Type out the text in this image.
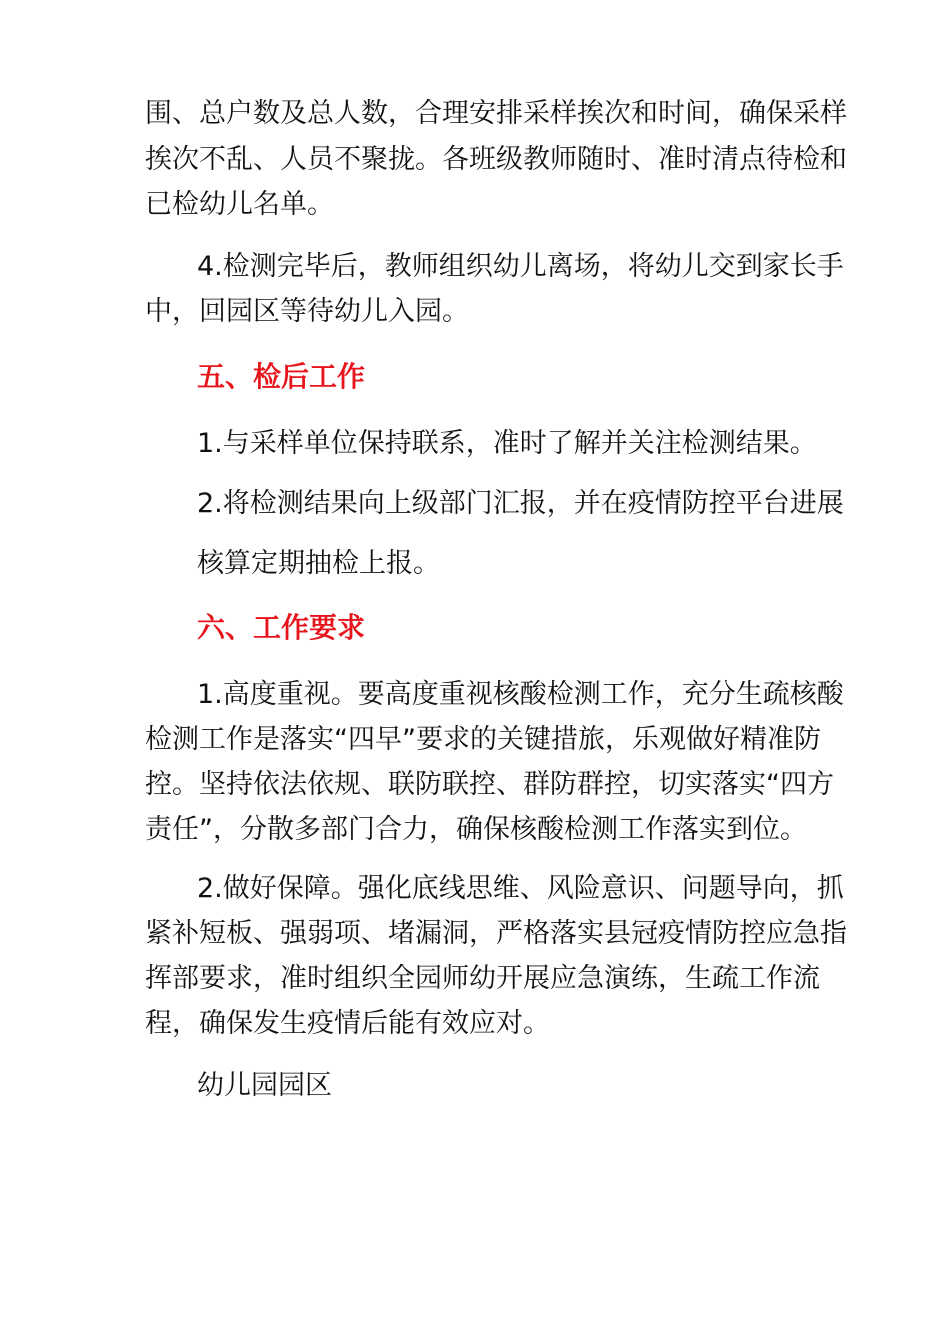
围、总户数及总人数，合理安排采样挨次和时间，确保采样
挨次不乱、人员不聚拢。各班级教师随时、准时清点待检和
已检幼儿名单。
4.检测完毕后，教师组织幼儿离场，将幼儿交到家长手
中，回园区等待幼儿入园。
五、检后工作
1.与采样单位保持联系，准时了解并关注检测结果。
2.将检测结果向上级部门汇报，并在疫情防控平台进展
核算定期抽检上报。
六、工作要求
1.高度重视。要高度重视核酸检测工作，充分生疏核酸
检测工作是落实“四早”要求的关键措旅，乐观做好精准防
控。坚持依法依规、联防联控、群防群控，切实落实“四方
责任”，分散多部门合力，确保核酸检测工作落实到位。
2.做好保障。强化底线思维、风险意识、问题导向，抓
紧补短板、强弱项、堵漏洞，严格落实县冠疫情防控应急指
挥部要求，准时组织全园师幼开展应急演练，生疏工作流
程，确保发生疫情后能有效应对。
幼儿园园区
